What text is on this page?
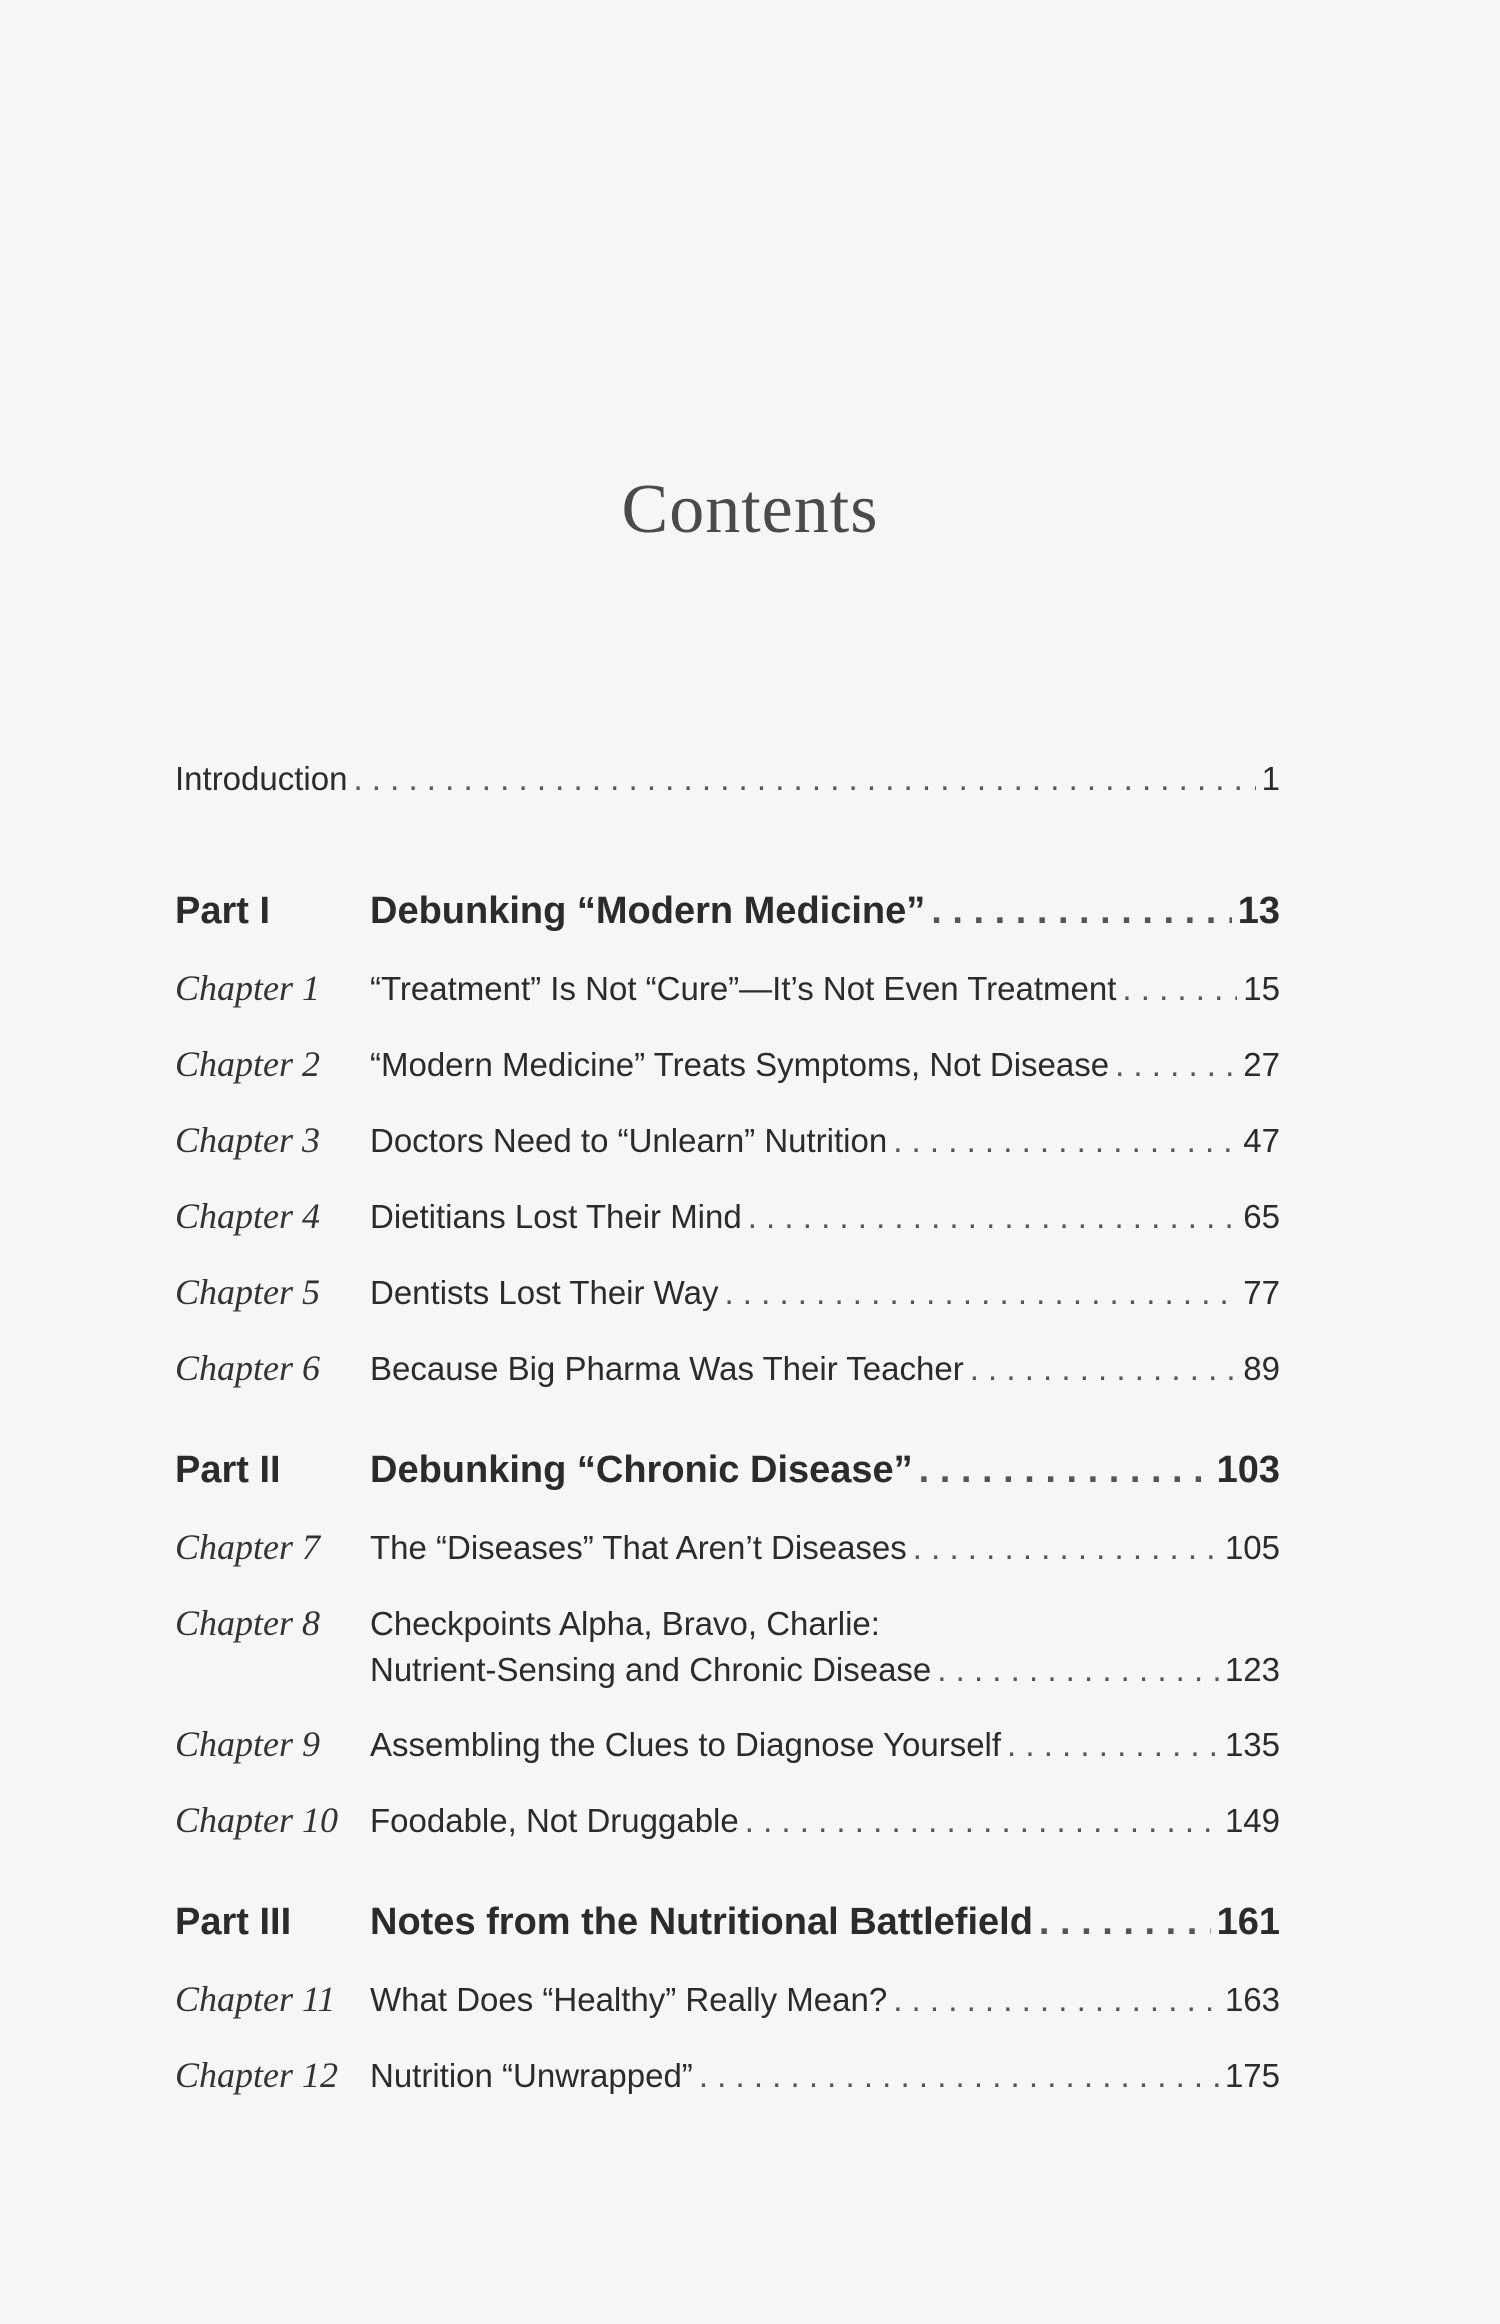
Contents
Introduction . . .	1
Part I	Debunking “Modern Medicine” . . .	13
Chapter 1	“Treatment” Is Not “Cure”—It’s Not Even Treatment . . .	15
Chapter 2	“Modern Medicine” Treats Symptoms, Not Disease . . .	27
Chapter 3	Doctors Need to “Unlearn” Nutrition . . .	47
Chapter 4	Dietitians Lost Their Mind . . .	65
Chapter 5	Dentists Lost Their Way . . .	77
Chapter 6	Because Big Pharma Was Their Teacher . . .	89
Part II	Debunking “Chronic Disease” . . .	103
Chapter 7	The “Diseases” That Aren’t Diseases . . .	105
Chapter 8	Checkpoints Alpha, Bravo, Charlie:
Nutrient-Sensing and Chronic Disease . . .	123
Chapter 9	Assembling the Clues to Diagnose Yourself . . .	135
Chapter 10 Foodable, Not Druggable . . .	149
Part III	Notes from the Nutritional Battlefield . . .	161
Chapter 11	What Does “Healthy” Really Mean? . . .	163
Chapter 12 Nutrition “Unwrapped” . . .	175
